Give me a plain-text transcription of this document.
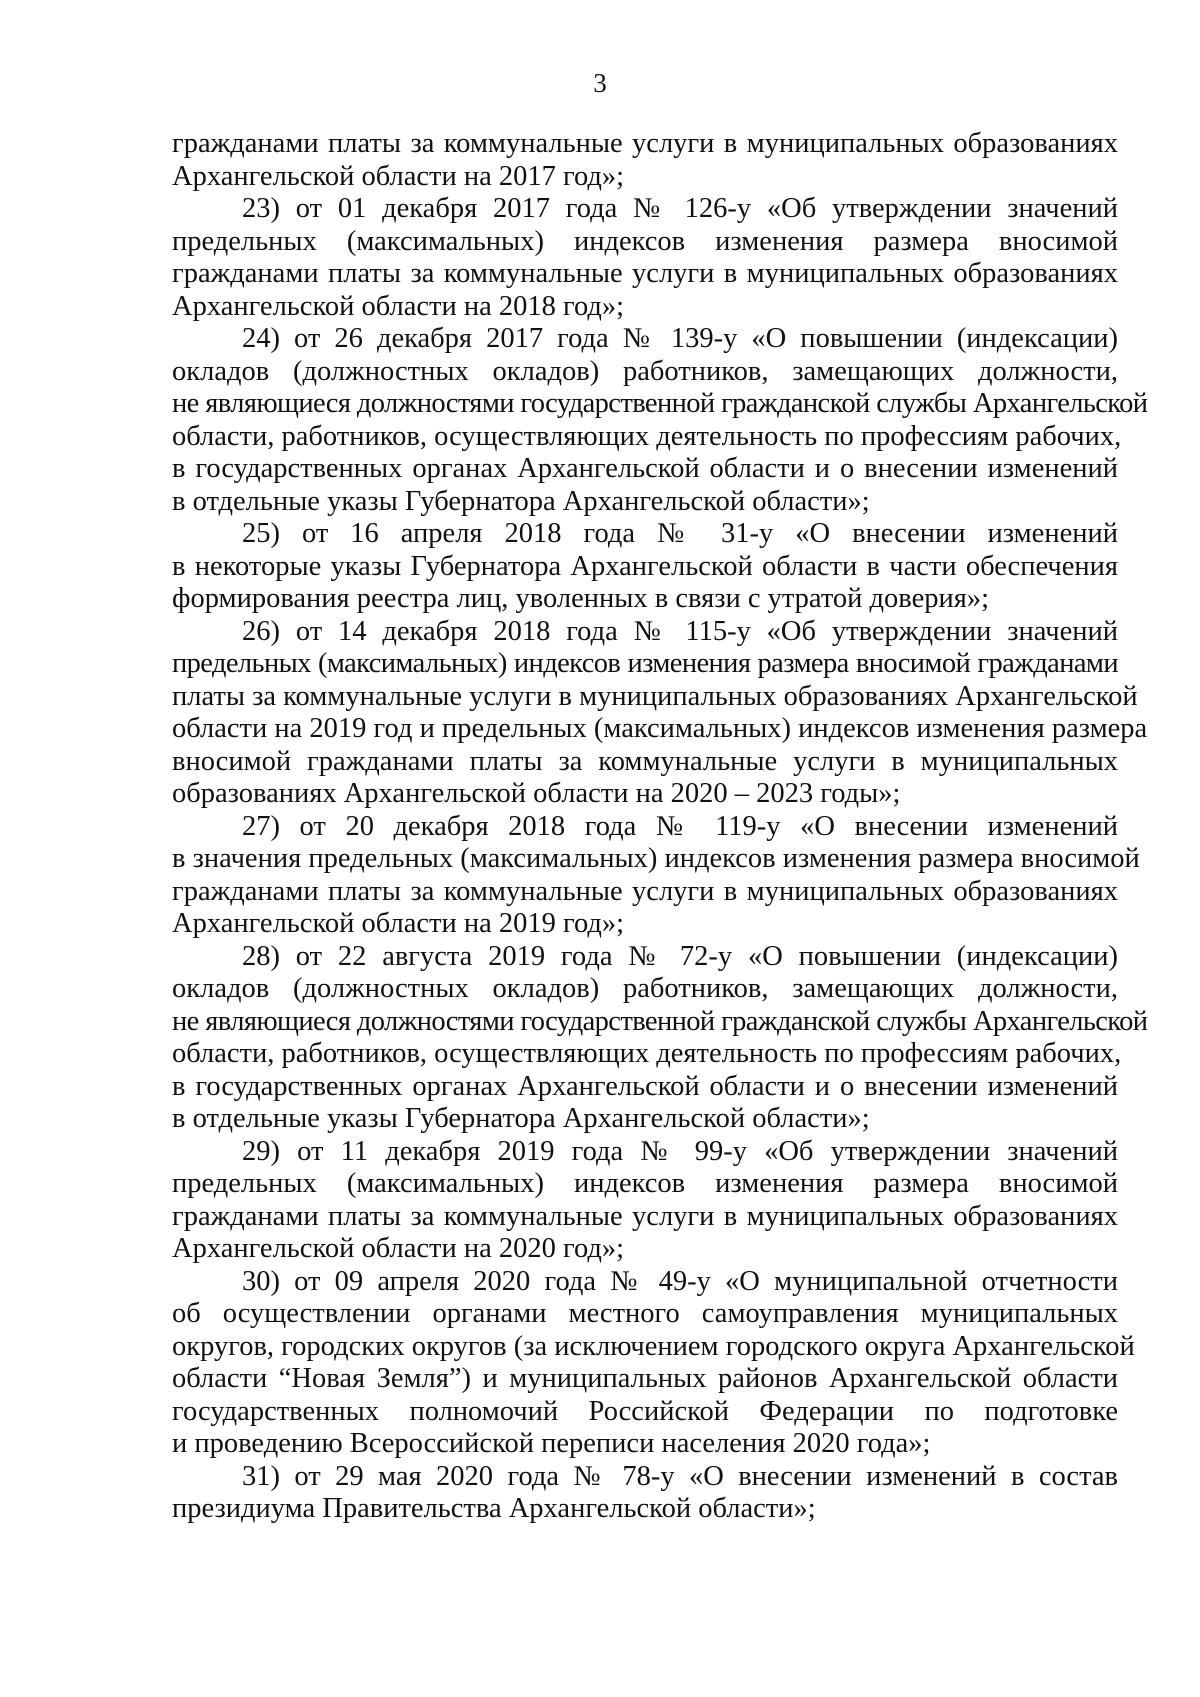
3
гражданами платы за коммунальные услуги в муниципальных образованиях
Архангельской области на 2017 год»;
23) от 01 декабря 2017 года № 126-у «Об утверждении значений
предельных (максимальных) индексов изменения размера вносимой
гражданами платы за коммунальные услуги в муниципальных образованиях
Архангельской области на 2018 год»;
24) от 26 декабря 2017 года № 139-у «О повышении (индексации)
окладов (должностных окладов) работников, замещающих должности,
не являющиеся должностями государственной гражданской службы Архангельской
области, работников, осуществляющих деятельность по профессиям рабочих,
в государственных органах Архангельской области и о внесении изменений
в отдельные указы Губернатора Архангельской области»;
25) от 16 апреля 2018 года № 31-у «О внесении изменений
в некоторые указы Губернатора Архангельской области в части обеспечения
формирования реестра лиц, уволенных в связи с утратой доверия»;
26) от 14 декабря 2018 года № 115-у «Об утверждении значений
предельных (максимальных) индексов изменения размера вносимой гражданами
платы за коммунальные услуги в муниципальных образованиях Архангельской
области на 2019 год и предельных (максимальных) индексов изменения размера
вносимой гражданами платы за коммунальные услуги в муниципальных
образованиях Архангельской области на 2020 – 2023 годы»;
27) от 20 декабря 2018 года № 119-у «О внесении изменений
в значения предельных (максимальных) индексов изменения размера вносимой
гражданами платы за коммунальные услуги в муниципальных образованиях
Архангельской области на 2019 год»;
28) от 22 августа 2019 года № 72-у «О повышении (индексации)
окладов (должностных окладов) работников, замещающих должности,
не являющиеся должностями государственной гражданской службы Архангельской
области, работников, осуществляющих деятельность по профессиям рабочих,
в государственных органах Архангельской области и о внесении изменений
в отдельные указы Губернатора Архангельской области»;
29) от 11 декабря 2019 года № 99-у «Об утверждении значений
предельных (максимальных) индексов изменения размера вносимой
гражданами платы за коммунальные услуги в муниципальных образованиях
Архангельской области на 2020 год»;
30) от 09 апреля 2020 года № 49-у «О муниципальной отчетности
об осуществлении органами местного самоуправления муниципальных
округов, городских округов (за исключением городского округа Архангельской
области “Новая Земля”) и муниципальных районов Архангельской области
государственных полномочий Российской Федерации по подготовке
и проведению Всероссийской переписи населения 2020 года»;
31) от 29 мая 2020 года № 78-у «О внесении изменений в состав
президиума Правительства Архангельской области»;
